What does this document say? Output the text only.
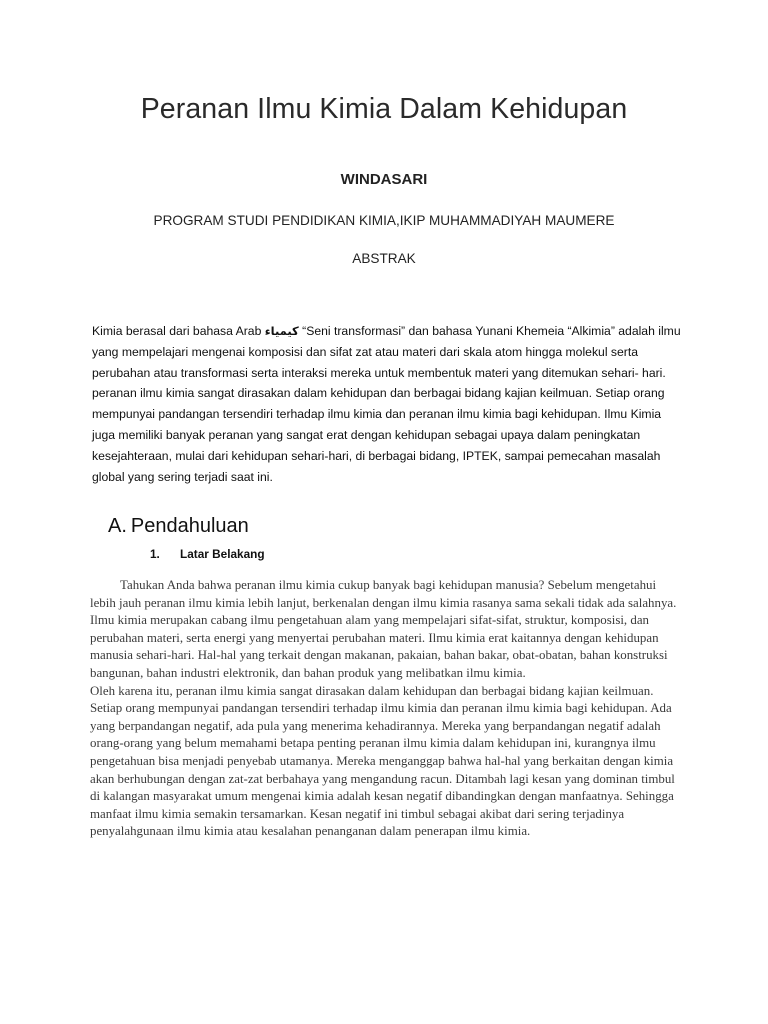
Peranan Ilmu Kimia Dalam Kehidupan
WINDASARI
PROGRAM STUDI PENDIDIKAN KIMIA,IKIP MUHAMMADIYAH MAUMERE
ABSTRAK
Kimia berasal dari bahasa Arab كيمياء “Seni transformasi” dan bahasa Yunani Khemeia “Alkimia” adalah ilmu yang mempelajari mengenai komposisi dan sifat zat atau materi dari skala atom hingga molekul serta perubahan atau transformasi serta interaksi mereka untuk membentuk materi yang ditemukan sehari- hari. peranan ilmu kimia sangat dirasakan dalam kehidupan dan berbagai bidang kajian keilmuan. Setiap orang mempunyai pandangan tersendiri terhadap ilmu kimia dan peranan ilmu kimia bagi kehidupan. Ilmu Kimia juga memiliki banyak peranan yang sangat erat dengan kehidupan sebagai upaya dalam peningkatan kesejahteraan, mulai dari kehidupan sehari-hari, di berbagai bidang, IPTEK, sampai pemecahan masalah global yang sering terjadi saat ini.
A. Pendahuluan
1. Latar Belakang

Tahukan Anda bahwa peranan ilmu kimia cukup banyak bagi kehidupan manusia? Sebelum mengetahui lebih jauh peranan ilmu kimia lebih lanjut, berkenalan dengan ilmu kimia rasanya sama sekali tidak ada salahnya. Ilmu kimia merupakan cabang ilmu pengetahuan alam yang mempelajari sifat-sifat, struktur, komposisi, dan perubahan materi, serta energi yang menyertai perubahan materi. Ilmu kimia erat kaitannya dengan kehidupan manusia sehari-hari. Hal-hal yang terkait dengan makanan, pakaian, bahan bakar, obat-obatan, bahan konstruksi bangunan, bahan industri elektronik, dan bahan produk yang melibatkan ilmu kimia.

Oleh karena itu, peranan ilmu kimia sangat dirasakan dalam kehidupan dan berbagai bidang kajian keilmuan. Setiap orang mempunyai pandangan tersendiri terhadap ilmu kimia dan peranan ilmu kimia bagi kehidupan. Ada yang berpandangan negatif, ada pula yang menerima kehadirannya. Mereka yang berpandangan negatif adalah orang-orang yang belum memahami betapa penting peranan ilmu kimia dalam kehidupan ini, kurangnya ilmu pengetahuan bisa menjadi penyebab utamanya. Mereka menganggap bahwa hal-hal yang berkaitan dengan kimia akan berhubungan dengan zat-zat berbahaya yang mengandung racun. Ditambah lagi kesan yang dominan timbul di kalangan masyarakat umum mengenai kimia adalah kesan negatif dibandingkan dengan manfaatnya. Sehingga manfaat ilmu kimia semakin tersamarkan. Kesan negatif ini timbul sebagai akibat dari sering terjadinya penyalahgunaan ilmu kimia atau kesalahan penanganan dalam penerapan ilmu kimia.
